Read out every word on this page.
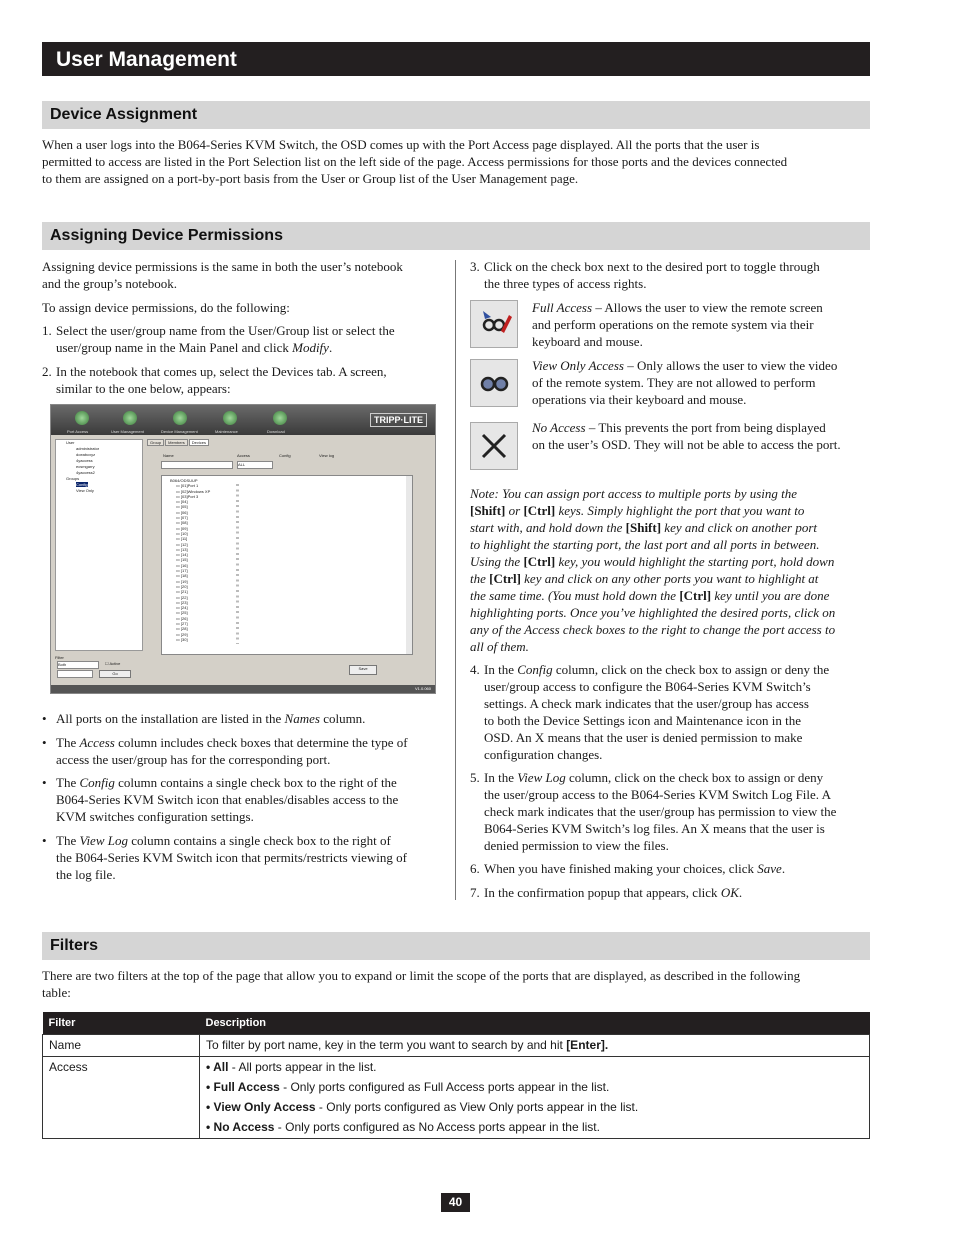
User Management
Device Assignment
When a user logs into the B064-Series KVM Switch, the OSD comes up with the Port Access page displayed. All the ports that the user is
permitted to access are listed in the Port Selection list on the left side of the page. Access permissions for those ports and the devices connected
to them are assigned on a port-by-port basis from the User or Group list of the User Management page.
Assigning Device Permissions
Assigning device permissions is the same in both the user’s notebook
and the group’s notebook.
To assign device permissions, do the following:
1. Select the user/group name from the User/Group list or select the
user/group name in the Main Panel and click Modify.
2. In the notebook that comes up, select the Devices tab. A screen,
similar to the one below, appears:
Port Access	User Management	Device Management	Maintenance	Download
TRIPP·LITE
User
administrator
doeabcxyz
4yaccess
ecsmgarry
4yaccess2
Groups
Config
View Only
Group Members Devices
Name	Access	Config	View log
ALL
B064/ODSUUP
▭ [01]Port 1
▭ [02]Windows XP
▭ [03]Port 3
▭ [04]
▭ [05]
▭ [06]
▭ [07]
▭ [08]
▭ [09]
▭ [10]
▭ [11]
▭ [12]
▭ [13]
▭ [14]
▭ [15]
▭ [16]
▭ [17]
▭ [18]
▭ [19]
▭ [20]
▭ [21]
▭ [22]
▭ [23]
▭ [24]
▭ [25]
▭ [26]
▭ [27]
▭ [28]
▭ [29]
▭ [30]
Filter
Both	☐ Active
Go
Save
V1.0.060
• All ports on the installation are listed in the Names column.
• The Access column includes check boxes that determine the type of
access the user/group has for the corresponding port.
• The Config column contains a single check box to the right of the
B064-Series KVM Switch icon that enables/disables access to the
KVM switches configuration settings.
• The View Log column contains a single check box to the right of
the B064-Series KVM Switch icon that permits/restricts viewing of
the log file.
3. Click on the check box next to the desired port to toggle through
the three types of access rights.
Full Access – Allows the user to view the remote screen
and perform operations on the remote system via their
keyboard and mouse.
View Only Access – Only allows the user to view the video
of the remote system. They are not allowed to perform
operations via their keyboard and mouse.
No Access – This prevents the port from being displayed
on the user’s OSD. They will not be able to access the port.
Note: You can assign port access to multiple ports by using the
[Shift] or [Ctrl] keys. Simply highlight the port that you want to
start with, and hold down the [Shift] key and click on another port
to highlight the starting port, the last port and all ports in between.
Using the [Ctrl] key, you would highlight the starting port, hold down
the [Ctrl] key and click on any other ports you want to highlight at
the same time. (You must hold down the [Ctrl] key until you are done
highlighting ports. Once you’ve highlighted the desired ports, click on
any of the Access check boxes to the right to change the port access to
all of them.
4. In the Config column, click on the check box to assign or deny the
user/group access to configure the B064-Series KVM Switch’s
settings. A check mark indicates that the user/group has access
to both the Device Settings icon and Maintenance icon in the
OSD. An X means that the user is denied permission to make
configuration changes.
5. In the View Log column, click on the check box to assign or deny
the user/group access to the B064-Series KVM Switch Log File. A
check mark indicates that the user/group has permission to view the
B064-Series KVM Switch’s log files. An X means that the user is
denied permission to view the files.
6. When you have finished making your choices, click Save.
7. In the confirmation popup that appears, click OK.
Filters
There are two filters at the top of the page that allow you to expand or limit the scope of the ports that are displayed, as described in the following
table:
Filter	Description
Name	To filter by port name, key in the term you want to search by and hit [Enter].
Access	• All - All ports appear in the list.
• Full Access - Only ports configured as Full Access ports appear in the list.
• View Only Access - Only ports configured as View Only ports appear in the list.
• No Access - Only ports configured as No Access ports appear in the list.
40
